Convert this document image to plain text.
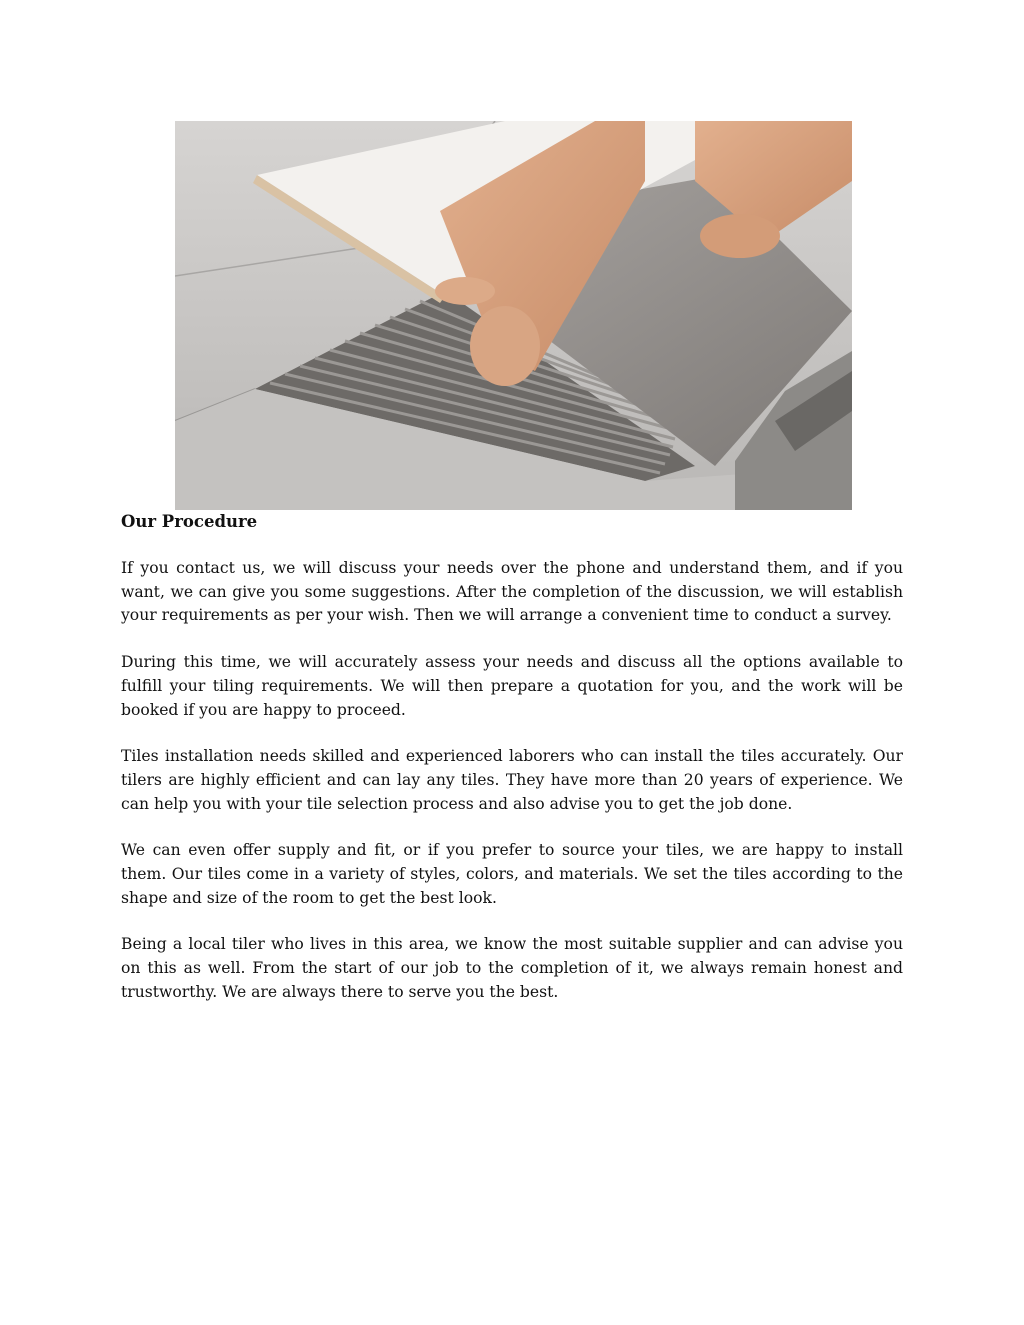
Our Procedure

If you contact us, we will discuss your needs over the phone and understand them, and if you want, we can give you some suggestions. After the completion of the discussion, we will establish your requirements as per your wish. Then we will arrange a convenient time to conduct a survey.

During this time, we will accurately assess your needs and discuss all the options available to fulfill your tiling requirements. We will then prepare a quotation for you, and the work will be booked if you are happy to proceed.

Tiles installation needs skilled and experienced laborers who can install the tiles accurately. Our tilers are highly efficient and can lay any tiles. They have more than 20 years of experience. We can help you with your tile selection process and also advise you to get the job done.

We can even offer supply and fit, or if you prefer to source your tiles, we are happy to install them. Our tiles come in a variety of styles, colors, and materials. We set the tiles according to the shape and size of the room to get the best look.

Being a local tiler who lives in this area, we know the most suitable supplier and can advise you on this as well. From the start of our job to the completion of it, we always remain honest and trustworthy. We are always there to serve you the best.
